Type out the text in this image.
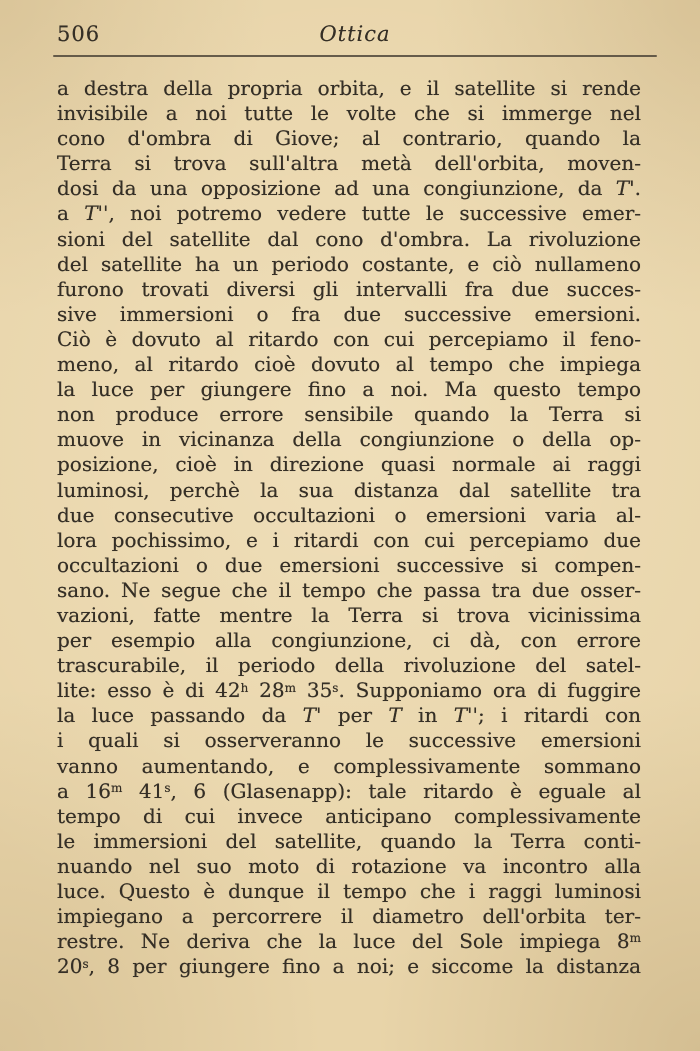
506	Ottica
a destra della propria orbita, e il satellite si rende
invisibile a noi tutte le volte che si immerge nel
cono d'ombra di Giove; al contrario, quando la
Terra si trova sull'altra metà dell'orbita, moven-
dosi da una opposizione ad una congiunzione, da T'.
a T'', noi potremo vedere tutte le successive emer-
sioni del satellite dal cono d'ombra. La rivoluzione
del satellite ha un periodo costante, e ciò nullameno
furono trovati diversi gli intervalli fra due succes-
sive immersioni o fra due successive emersioni.
Ciò è dovuto al ritardo con cui percepiamo il feno-
meno, al ritardo cioè dovuto al tempo che impiega
la luce per giungere fino a noi. Ma questo tempo
non produce errore sensibile quando la Terra si
muove in vicinanza della congiunzione o della op-
posizione, cioè in direzione quasi normale ai raggi
luminosi, perchè la sua distanza dal satellite tra
due consecutive occultazioni o emersioni varia al-
lora pochissimo, e i ritardi con cui percepiamo due
occultazioni o due emersioni successive si compen-
sano. Ne segue che il tempo che passa tra due osser-
vazioni, fatte mentre la Terra si trova vicinissima
per esempio alla congiunzione, ci dà, con errore
trascurabile, il periodo della rivoluzione del satel-
lite: esso è di 42$^h$ 28$^m$ 35$^s$. Supponiamo ora di fuggire
la luce passando da T' per T in T''; i ritardi con
i quali si osserveranno le successive emersioni
vanno aumentando, e complessivamente sommano
a 16$^m$ 41$^s$, 6 (Glasenapp): tale ritardo è eguale al
tempo di cui invece anticipano complessivamente
le immersioni del satellite, quando la Terra conti-
nuando nel suo moto di rotazione va incontro alla
luce. Questo è dunque il tempo che i raggi luminosi
impiegano a percorrere il diametro dell'orbita ter-
restre. Ne deriva che la luce del Sole impiega 8$^m$
20$^s$, 8 per giungere fino a noi; e siccome la distanza
